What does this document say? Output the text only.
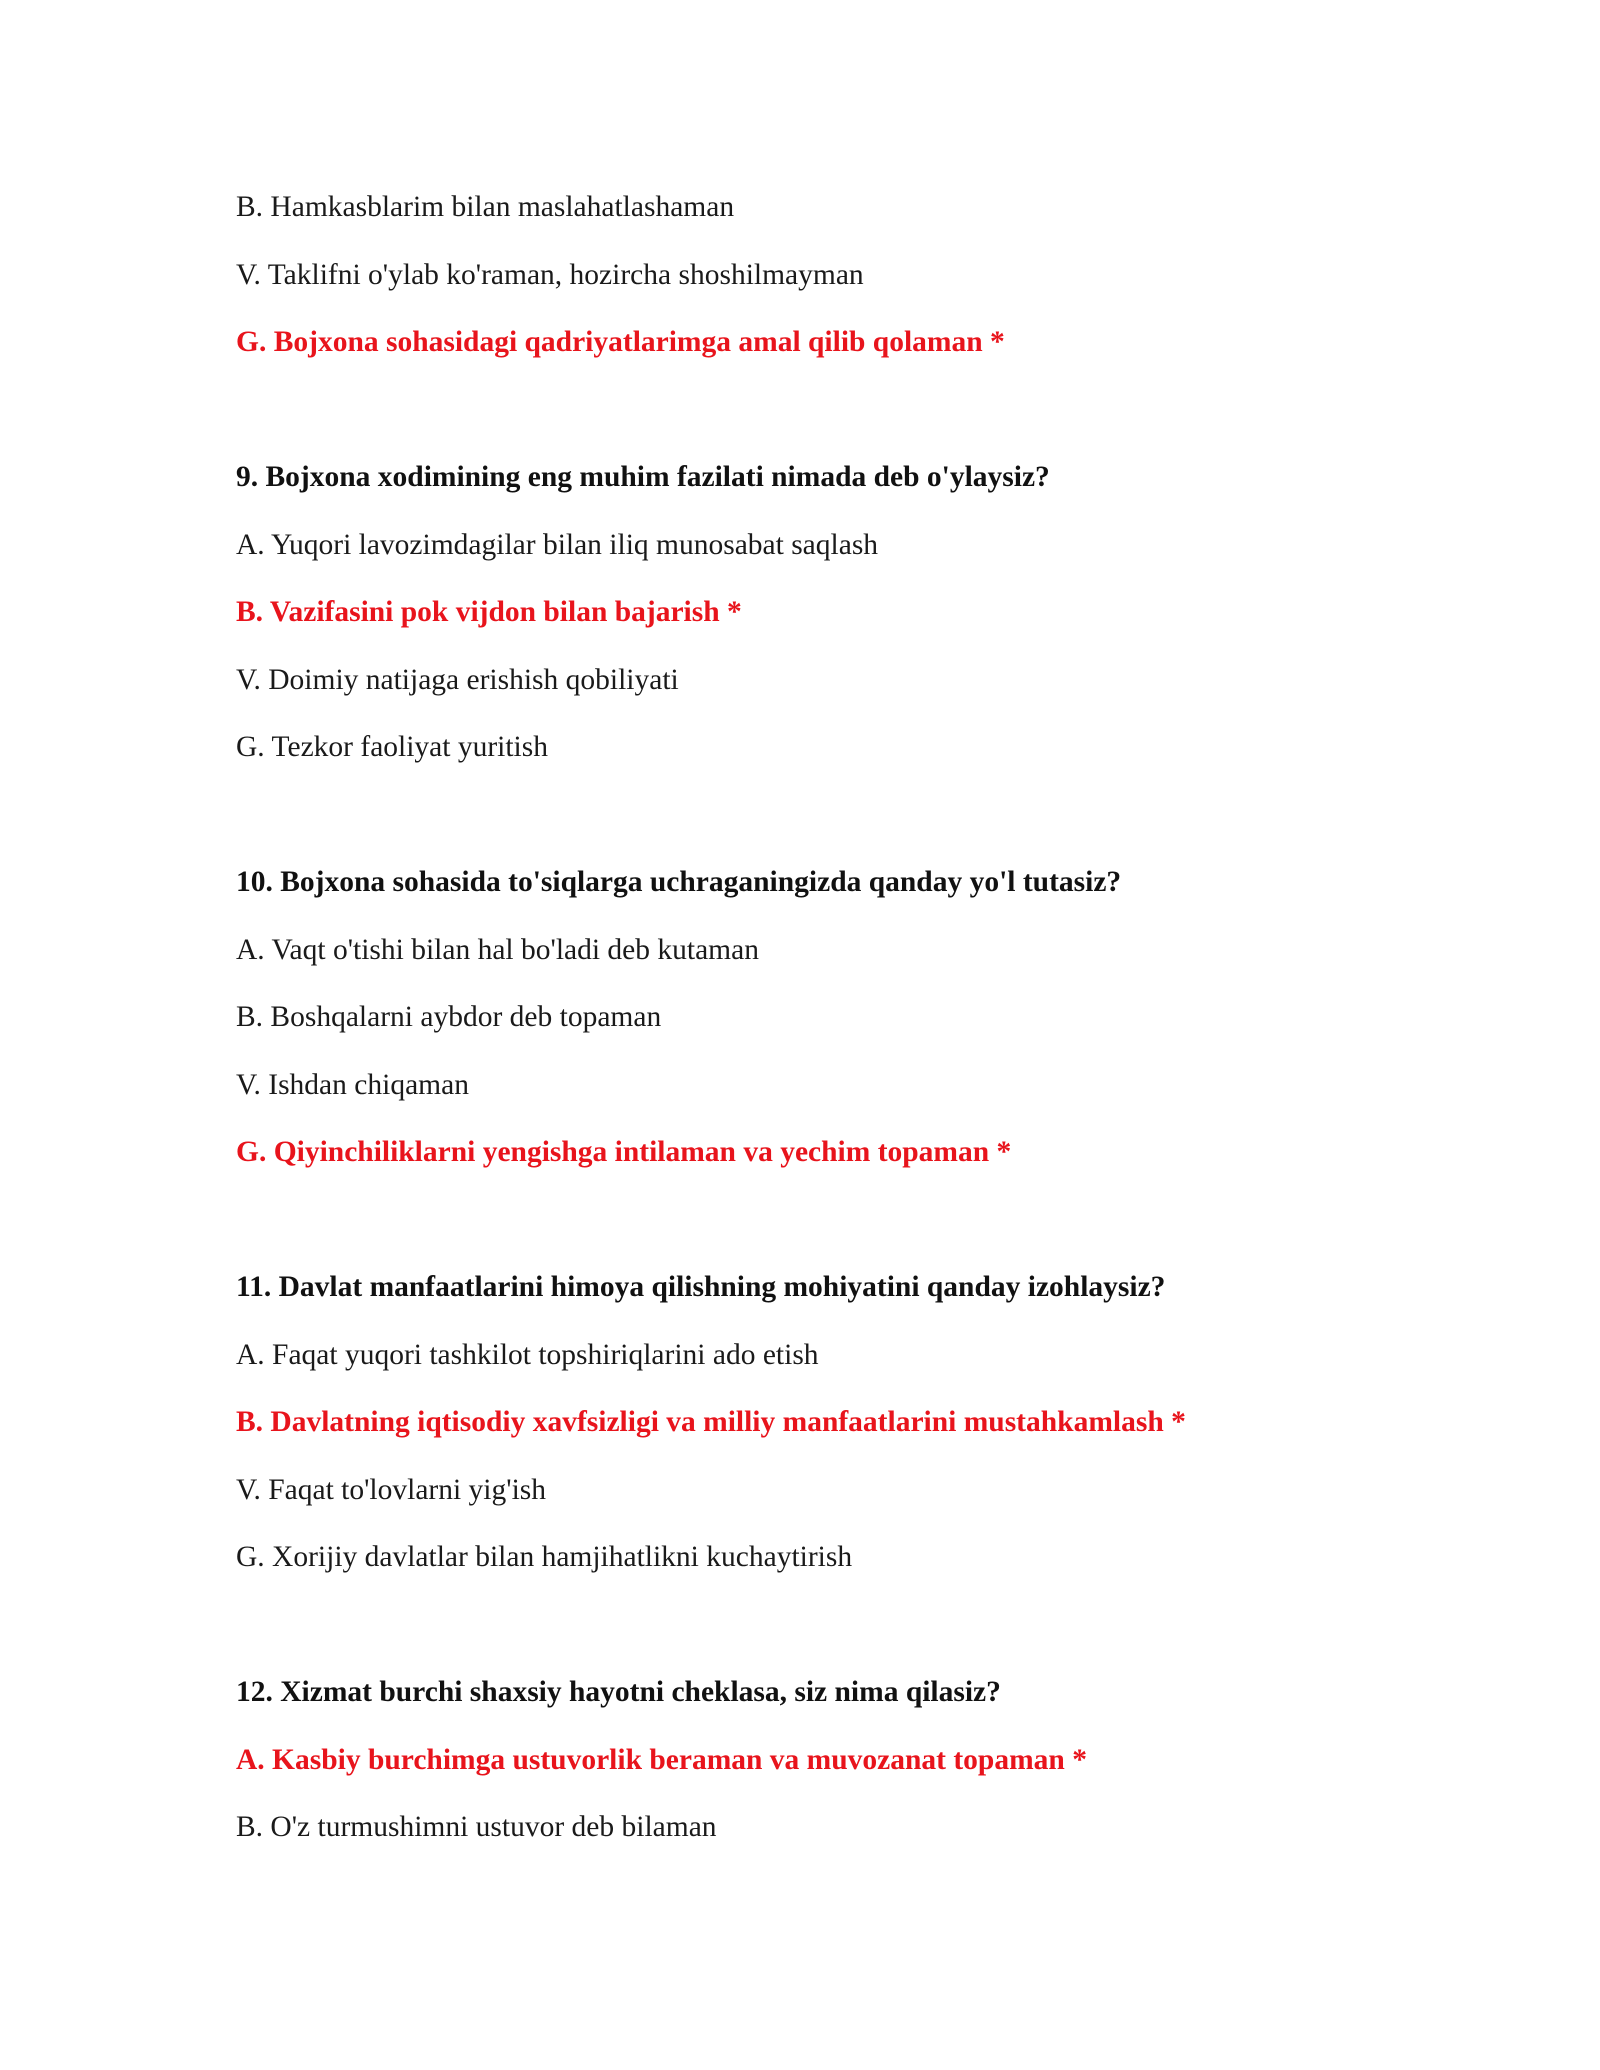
B. Hamkasblarim bilan maslahatlashaman
V. Taklifni o'ylab ko'raman, hozircha shoshilmayman
G. Bojxona sohasidagi qadriyatlarimga amal qilib qolaman *
9. Bojxona xodimining eng muhim fazilati nimada deb o'ylaysiz?
A. Yuqori lavozimdagilar bilan iliq munosabat saqlash
B. Vazifasini pok vijdon bilan bajarish *
V. Doimiy natijaga erishish qobiliyati
G. Tezkor faoliyat yuritish
10. Bojxona sohasida to'siqlarga uchraganingizda qanday yo'l tutasiz?
A. Vaqt o'tishi bilan hal bo'ladi deb kutaman
B. Boshqalarni aybdor deb topaman
V. Ishdan chiqaman
G. Qiyinchiliklarni yengishga intilaman va yechim topaman *
11. Davlat manfaatlarini himoya qilishning mohiyatini qanday izohlaysiz?
A. Faqat yuqori tashkilot topshiriqlarini ado etish
B. Davlatning iqtisodiy xavfsizligi va milliy manfaatlarini mustahkamlash *
V. Faqat to'lovlarni yig'ish
G. Xorijiy davlatlar bilan hamjihatlikni kuchaytirish
12. Xizmat burchi shaxsiy hayotni cheklasa, siz nima qilasiz?
A. Kasbiy burchimga ustuvorlik beraman va muvozanat topaman *
B. O'z turmushimni ustuvor deb bilaman
